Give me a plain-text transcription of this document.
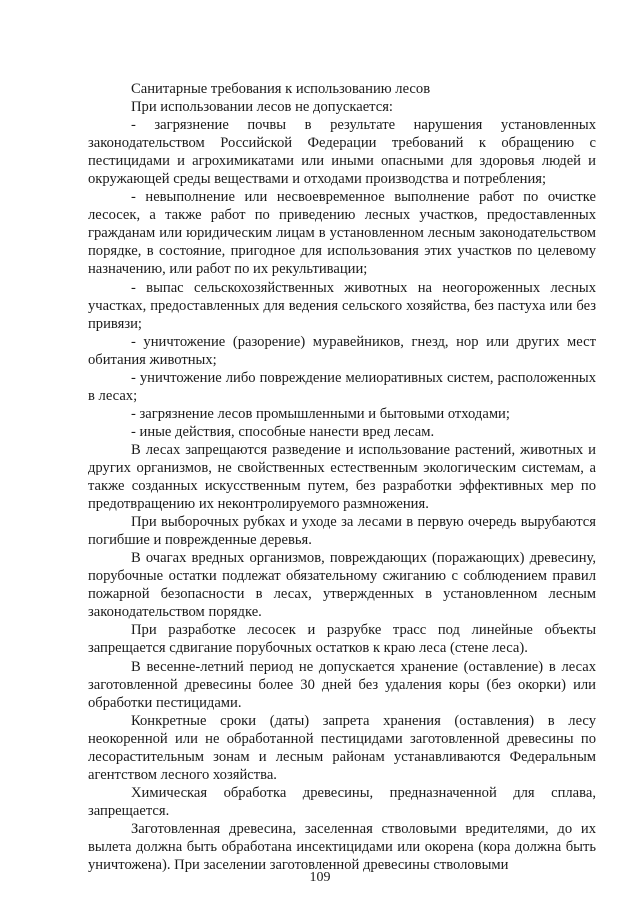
Санитарные требования к использованию лесов

При использовании лесов не допускается:

- загрязнение почвы в результате нарушения установленных законодательством Российской Федерации требований к обращению с пестицидами и агрохимикатами или иными опасными для здоровья людей и окружающей среды веществами и отходами производства и потребления;

- невыполнение или несвоевременное выполнение работ по очистке лесосек, а также работ по приведению лесных участков, предоставленных гражданам или юридическим лицам в установленном лесным законодательством порядке, в состояние, пригодное для использования этих участков по целевому назначению, или работ по их рекультивации;

- выпас сельскохозяйственных животных на неогороженных лесных участках, предоставленных для ведения сельского хозяйства, без пастуха или без привязи;

- уничтожение (разорение) муравейников, гнезд, нор или других мест обитания животных;

- уничтожение либо повреждение мелиоративных систем, расположенных в лесах;

- загрязнение лесов промышленными и бытовыми отходами;

- иные действия, способные нанести вред лесам.

В лесах запрещаются разведение и использование растений, животных и других организмов, не свойственных естественным экологическим системам, а также созданных искусственным путем, без разработки эффективных мер по предотвращению их неконтролируемого размножения.

При выборочных рубках и уходе за лесами в первую очередь вырубаются погибшие и поврежденные деревья.

В очагах вредных организмов, повреждающих (поражающих) древесину, порубочные остатки подлежат обязательному сжиганию с соблюдением правил пожарной безопасности в лесах, утвержденных в установленном лесным законодательством порядке.

При разработке лесосек и разрубке трасс под линейные объекты запрещается сдвигание порубочных остатков к краю леса (стене леса).

В весенне-летний период не допускается хранение (оставление) в лесах заготовленной древесины более 30 дней без удаления коры (без окорки) или обработки пестицидами.

Конкретные сроки (даты) запрета хранения (оставления) в лесу неокоренной или не обработанной пестицидами заготовленной древесины по лесорастительным зонам и лесным районам устанавливаются Федеральным агентством лесного хозяйства.

Химическая обработка древесины, предназначенной для сплава, запрещается.

Заготовленная древесина, заселенная стволовыми вредителями, до их вылета должна быть обработана инсектицидами или окорена (кора должна быть уничтожена). При заселении заготовленной древесины стволовыми

109
